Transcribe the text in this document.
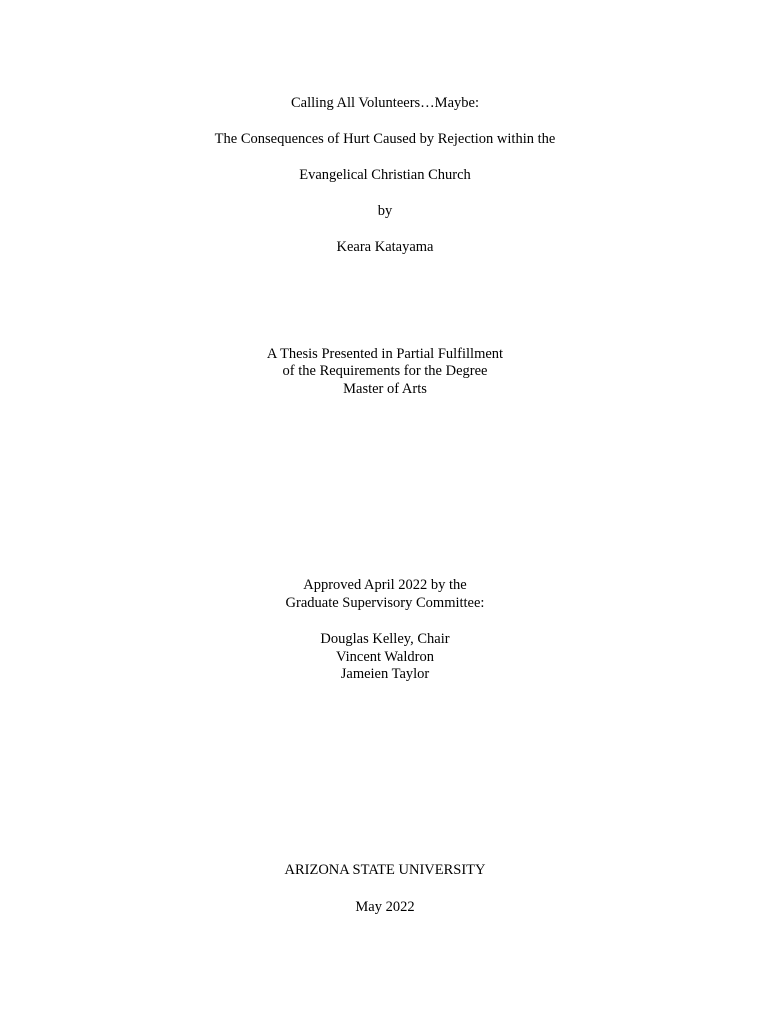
Calling All Volunteers…Maybe:
The Consequences of Hurt Caused by Rejection within the
Evangelical Christian Church
by
Keara Katayama
A Thesis Presented in Partial Fulfillment
of the Requirements for the Degree
Master of Arts
Approved April 2022 by the
Graduate Supervisory Committee:
Douglas Kelley, Chair
Vincent Waldron
Jameien Taylor
ARIZONA STATE UNIVERSITY
May 2022
